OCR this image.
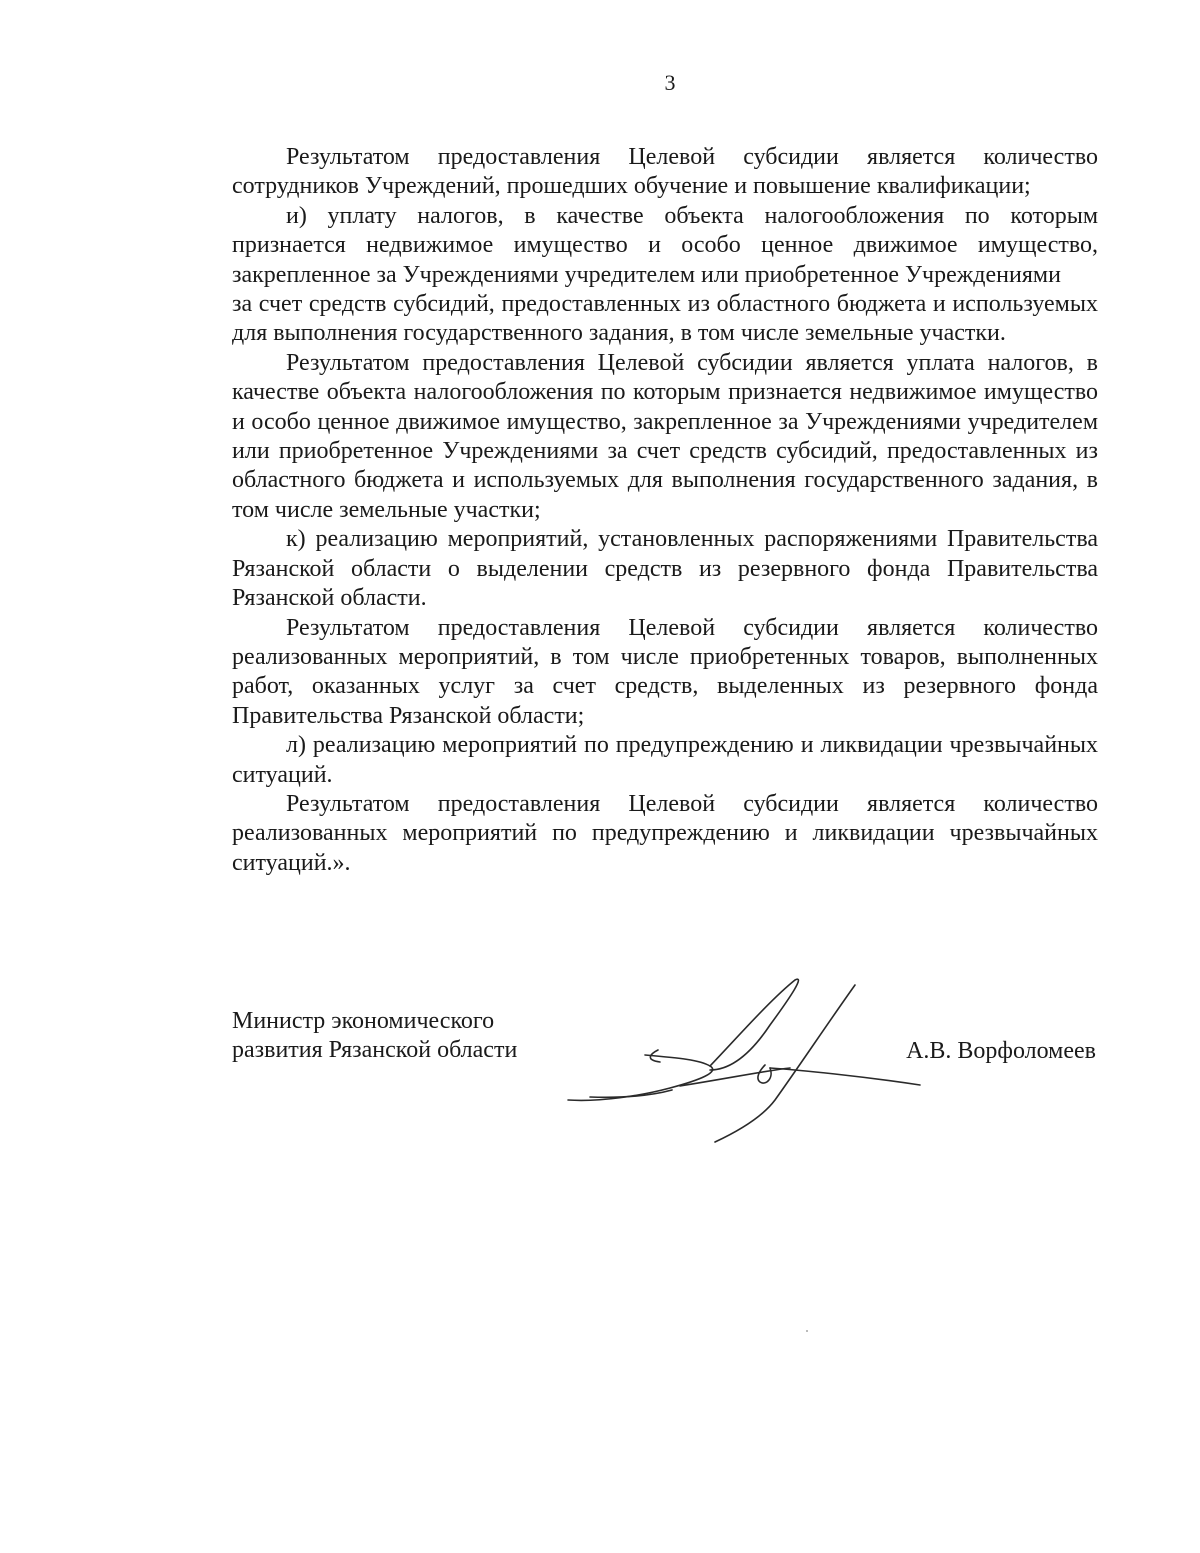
3

Результатом предоставления Целевой субсидии является количество сотрудников Учреждений, прошедших обучение и повышение квалификации;

и) уплату налогов, в качестве объекта налогообложения по которым признается недвижимое имущество и особо ценное движимое имущество, закрепленное за Учреждениями учредителем или приобретенное Учреждениями

за счет средств субсидий, предоставленных из областного бюджета и используемых для выполнения государственного задания, в том числе земельные участки.

Результатом предоставления Целевой субсидии является уплата налогов, в качестве объекта налогообложения по которым признается недвижимое имущество и особо ценное движимое имущество, закрепленное за Учреждениями учредителем или приобретенное Учреждениями за счет средств субсидий, предоставленных из областного бюджета и используемых для выполнения государственного задания, в том числе земельные участки;

к) реализацию мероприятий, установленных распоряжениями Правительства Рязанской области о выделении средств из резервного фонда Правительства Рязанской области.

Результатом предоставления Целевой субсидии является количество реализованных мероприятий, в том числе приобретенных товаров, выполненных работ, оказанных услуг за счет средств, выделенных из резервного фонда Правительства Рязанской области;

л) реализацию мероприятий по предупреждению и ликвидации чрезвычайных ситуаций.

Результатом предоставления Целевой субсидии является количество реализованных мероприятий по предупреждению и ликвидации чрезвычайных ситуаций.».

Министр экономического
развития Рязанской области	А.В. Ворфоломеев
